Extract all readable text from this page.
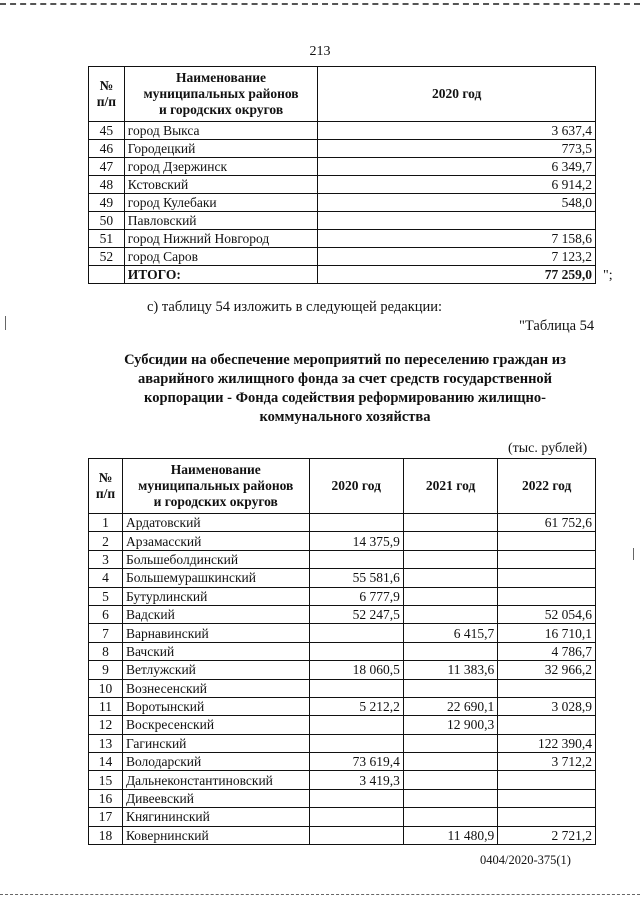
213
№
п/п	Наименование
муниципальных районов
и городских округов	2020 год
45	город Выкса	3 637,4
46	Городецкий	773,5
47	город Дзержинск	6 349,7
48	Кстовский	6 914,2
49	город Кулебаки	548,0
50	Павловский	
51	город Нижний Новгород	7 158,6
52	город Саров	7 123,2
	ИТОГО:	77 259,0 ";
с) таблицу 54 изложить в следующей редакции:
"Таблица 54
Субсидии на обеспечение мероприятий по переселению граждан из аварийного жилищного фонда за счет средств государственной корпорации - Фонда содействия реформированию жилищно-коммунального хозяйства
(тыс. рублей)
№
п/п	Наименование
муниципальных районов
и городских округов	2020 год	2021 год	2022 год
1	Ардатовский			61 752,6
2	Арзамасский	14 375,9		
3	Большеболдинский			
4	Большемурашкинский	55 581,6		
5	Бутурлинский	6 777,9		
6	Вадский	52 247,5		52 054,6
7	Варнавинский		6 415,7	16 710,1
8	Вачский			4 786,7
9	Ветлужский	18 060,5	11 383,6	32 966,2
10	Вознесенский			
11	Воротынский	5 212,2	22 690,1	3 028,9
12	Воскресенский		12 900,3	
13	Гагинский			122 390,4
14	Володарский	73 619,4		3 712,2
15	Дальнеконстантиновский	3 419,3		
16	Дивеевский			
17	Княгининский			
18	Ковернинский		11 480,9	2 721,2
0404/2020-375(1)
